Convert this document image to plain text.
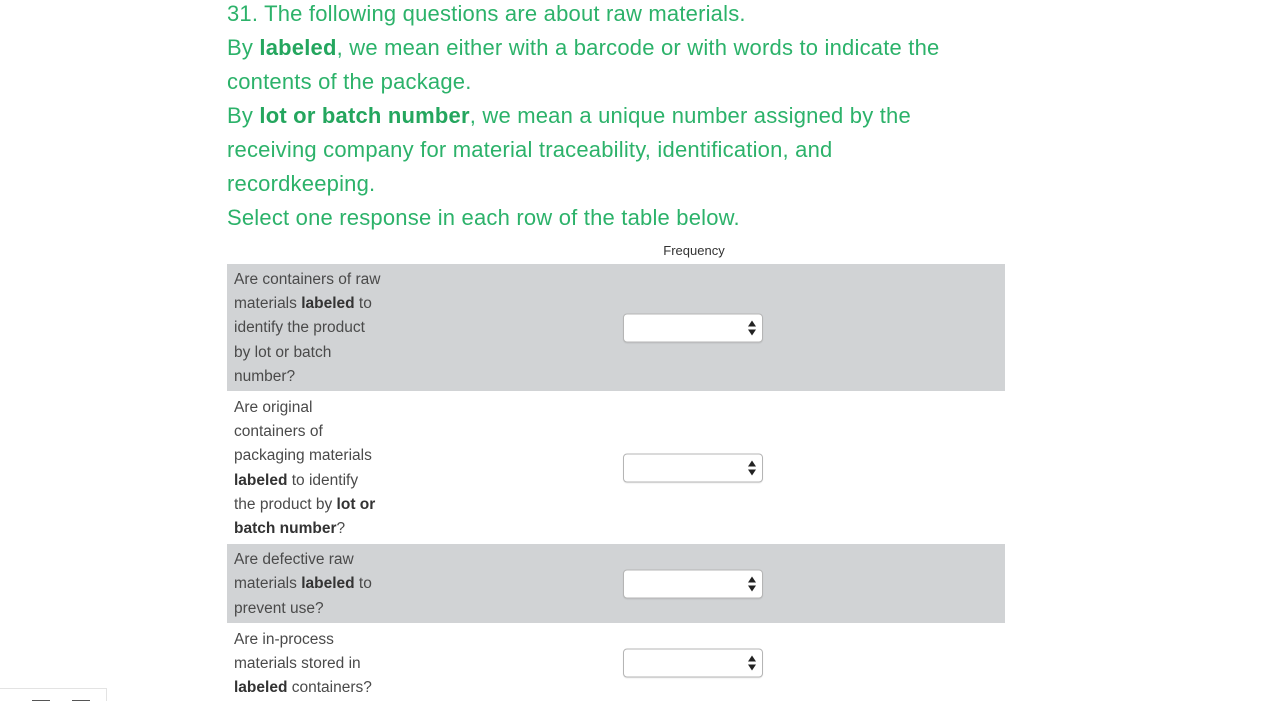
31. The following questions are about raw materials.
By labeled, we mean either with a barcode or with words to indicate the
contents of the package.
By lot or batch number, we mean a unique number assigned by the
receiving company for material traceability, identification, and
recordkeeping.
Select one response in each row of the table below.
Frequency
Are containers of raw
materials labeled to
identify the product
by lot or batch
number?
Are original
containers of
packaging materials
labeled to identify
the product by lot or
batch number?
Are defective raw
materials labeled to
prevent use?
Are in-process
materials stored in
labeled containers?
